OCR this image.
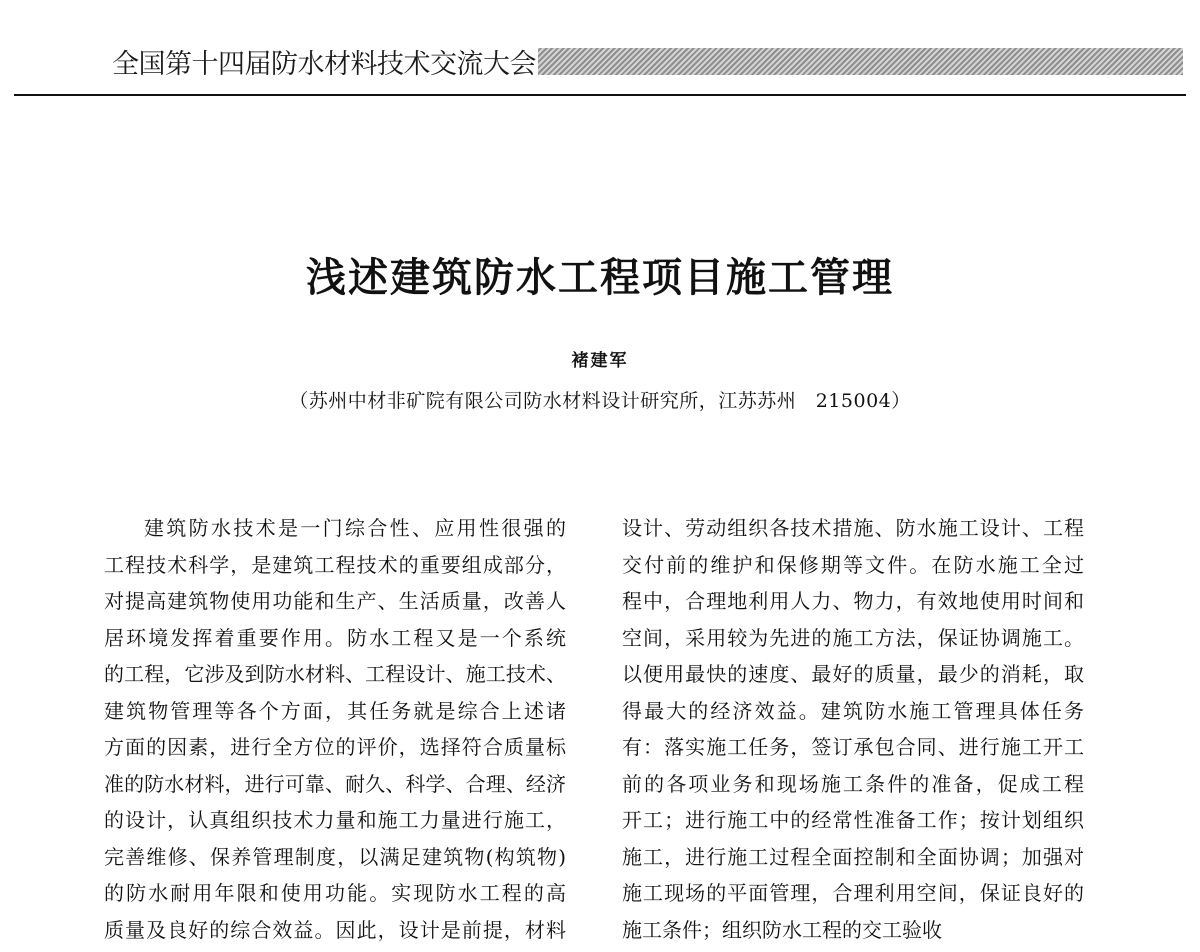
全国第十四届防水材料技术交流大会
浅述建筑防水工程项目施工管理
褚建军
（苏州中材非矿院有限公司防水材料设计研究所，江苏苏州　215004）
建筑防水技术是一门综合性、应用性很强的
工程技术科学，是建筑工程技术的重要组成部分，
对提高建筑物使用功能和生产、生活质量，改善人
居环境发挥着重要作用。防水工程又是一个系统
的工程，它涉及到防水材料、工程设计、施工技术、
建筑物管理等各个方面，其任务就是综合上述诸
方面的因素，进行全方位的评价，选择符合质量标
准的防水材料，进行可靠、耐久、科学、合理、经济
的设计，认真组织技术力量和施工力量进行施工，
完善维修、保养管理制度，以满足建筑物(构筑物)
的防水耐用年限和使用功能。实现防水工程的高
质量及良好的综合效益。因此，设计是前提，材料
设计、劳动组织各技术措施、防水施工设计、工程
交付前的维护和保修期等文件。在防水施工全过
程中，合理地利用人力、物力，有效地使用时间和
空间，采用较为先进的施工方法，保证协调施工。
以便用最快的速度、最好的质量，最少的消耗，取
得最大的经济效益。建筑防水施工管理具体任务
有：落实施工任务，签订承包合同、进行施工开工
前的各项业务和现场施工条件的准备，促成工程
开工；进行施工中的经常性准备工作；按计划组织
施工，进行施工过程全面控制和全面协调；加强对
施工现场的平面管理，合理利用空间，保证良好的
施工条件；组织防水工程的交工验收
